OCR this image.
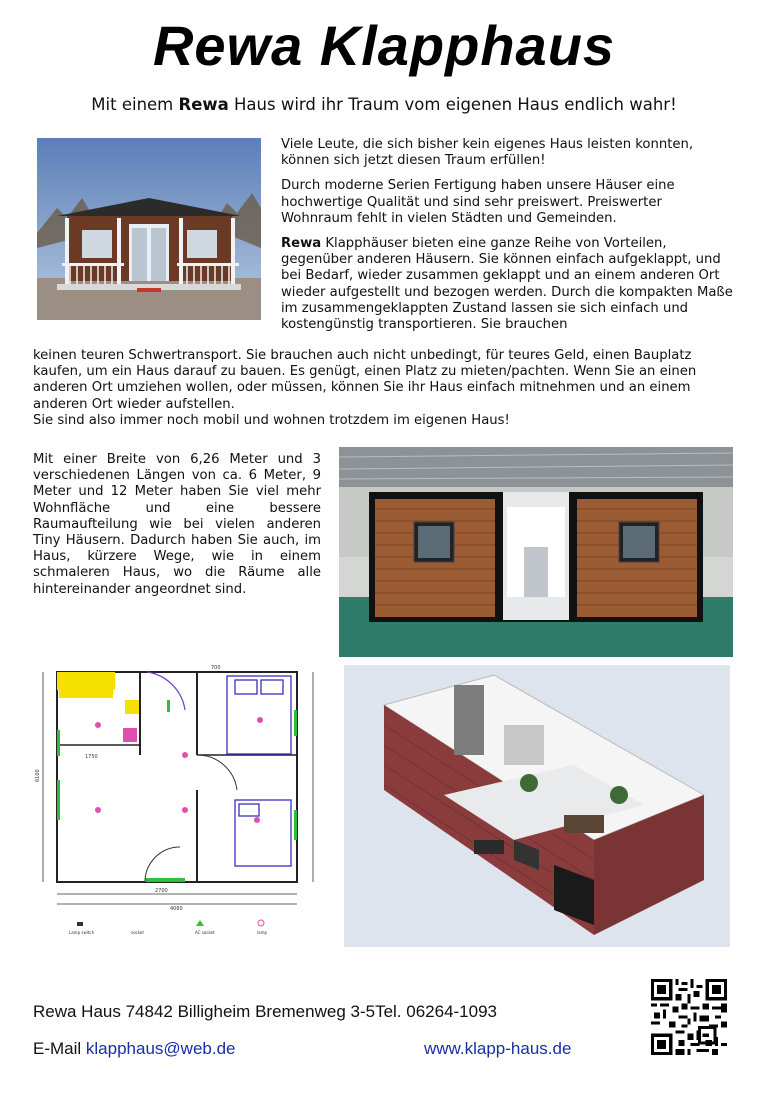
Rewa Klapphaus
Mit einem Rewa Haus wird ihr Traum vom eigenen Haus endlich wahr!

Viele Leute, die sich bisher kein eigenes Haus leisten konnten, können sich jetzt diesen Traum erfüllen!

Durch moderne Serien Fertigung haben unsere Häuser eine hochwertige Qualität und sind sehr preiswert. Preiswerter Wohnraum fehlt in vielen Städten und Gemeinden.

Rewa Klapphäuser bieten eine ganze Reihe von Vorteilen, gegenüber anderen Häusern. Sie können einfach aufgeklappt, und bei Bedarf, wieder zusammen geklappt und an einem anderen Ort wieder aufgestellt und bezogen werden. Durch die kompakten Maße im zusammengeklappten Zustand lassen sie sich einfach und kostengünstig transportieren. Sie brauchen

keinen teuren Schwertransport. Sie brauchen auch nicht unbedingt, für teures Geld, einen Bauplatz kaufen, um ein Haus darauf zu bauen. Es genügt, einen Platz zu mieten/pachten. Wenn Sie an einen anderen Ort umziehen wollen, oder müssen, können Sie ihr Haus einfach mitnehmen und an einem anderen Ort wieder aufstellen.

Sie sind also immer noch mobil und wohnen trotzdem im eigenen Haus!

Mit einer Breite von 6,26 Meter und 3 verschiedenen Längen von ca. 6 Meter, 9 Meter und 12 Meter haben Sie viel mehr Wohnfläche und eine bessere Raumaufteilung wie bei vielen anderen Tiny Häusern. Dadurch haben Sie auch, im Haus, kürzere Wege, wie in einem schmaleren Haus, wo die Räume alle hintereinander angeordnet sind.
2700
4060
6100
700
1750
Lamp switch	socket	AC socket	lamp
Rewa Haus 74842 Billigheim Bremenweg 3-5Tel. 06264-1093
E-Mail klapphaus@web.de	www.klapp-haus.de
